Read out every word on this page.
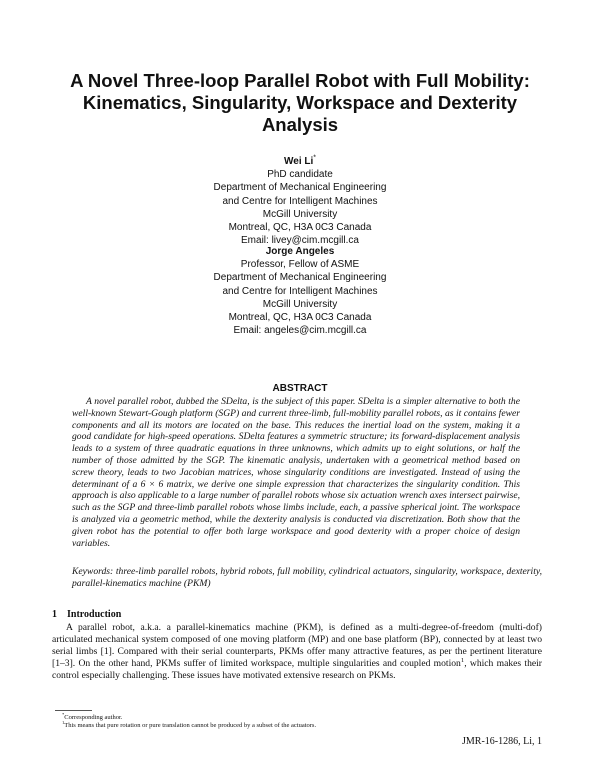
A Novel Three-loop Parallel Robot with Full Mobility: Kinematics, Singularity, Workspace and Dexterity Analysis
Wei Li*
PhD candidate
Department of Mechanical Engineering
and Centre for Intelligent Machines
McGill University
Montreal, QC, H3A 0C3 Canada
Email: livey@cim.mcgill.ca
Jorge Angeles
Professor, Fellow of ASME
Department of Mechanical Engineering
and Centre for Intelligent Machines
McGill University
Montreal, QC, H3A 0C3 Canada
Email: angeles@cim.mcgill.ca
ABSTRACT

A novel parallel robot, dubbed the SDelta, is the subject of this paper. SDelta is a simpler alternative to both the well-known Stewart-Gough platform (SGP) and current three-limb, full-mobility parallel robots, as it contains fewer components and all its motors are located on the base. This reduces the inertial load on the system, making it a good candidate for high-speed operations. SDelta features a symmetric structure; its forward-displacement analysis leads to a system of three quadratic equations in three unknowns, which admits up to eight solutions, or half the number of those admitted by the SGP. The kinematic analysis, undertaken with a geometrical method based on screw theory, leads to two Jacobian matrices, whose singularity conditions are investigated. Instead of using the determinant of a 6 × 6 matrix, we derive one simple expression that characterizes the singularity condition. This approach is also applicable to a large number of parallel robots whose six actuation wrench axes intersect pairwise, such as the SGP and three-limb parallel robots whose limbs include, each, a passive spherical joint. The workspace is analyzed via a geometric method, while the dexterity analysis is conducted via discretization. Both show that the given robot has the potential to offer both large workspace and good dexterity with a proper choice of design variables.

Keywords: three-limb parallel robots, hybrid robots, full mobility, cylindrical actuators, singularity, workspace, dexterity, parallel-kinematics machine (PKM)

1 Introduction

A parallel robot, a.k.a. a parallel-kinematics machine (PKM), is defined as a multi-degree-of-freedom (multi-dof) articulated mechanical system composed of one moving platform (MP) and one base platform (BP), connected by at least two serial limbs [1]. Compared with their serial counterparts, PKMs offer many attractive features, as per the pertinent literature [1–3]. On the other hand, PKMs suffer of limited workspace, multiple singularities and coupled motion$^1$, which makes their control especially challenging. These issues have motivated extensive research on PKMs.

*Corresponding author.
$^1$This means that pure rotation or pure translation cannot be produced by a subset of the actuators.
JMR-16-1286, Li, 1
